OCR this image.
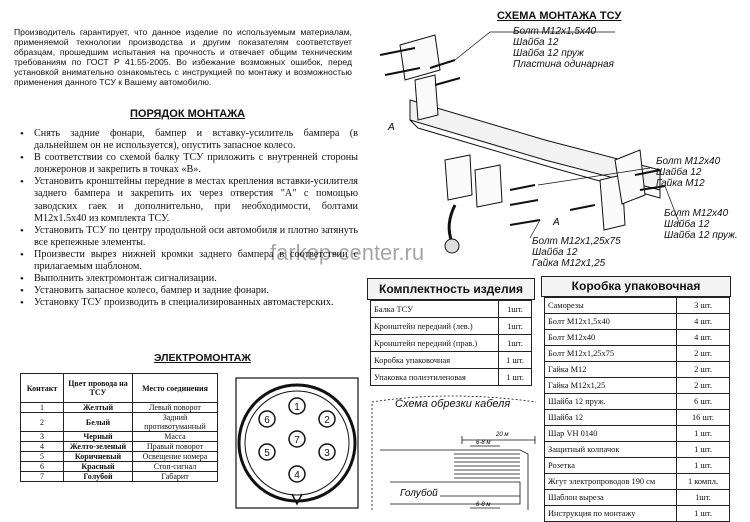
Производитель гарантирует, что данное изделие по используемым материалам, применяемой технологии производства и другим показателям соответствует образцам, прошедшим испытания на прочность и отвечает общим техническим требованиям по ГОСТ Р 41.55-2005. Во избежание возможных ошибок, перед установкой внимательно ознакомьтесь с инструкцией по монтажу и возможностью применения данного ТСУ к Вашему автомобилю.
ПОРЯДОК МОНТАЖА
• Снять задние фонари, бампер и вставку-усилитель бампера (в дальнейшем он не используется), опустить запасное колесо.
• В соответствии со схемой балку ТСУ приложить с внутренней стороны лонжеронов и закрепить в точках «В».
• Установить кронштейны передние в местах крепления вставки-усилителя заднего бампера и закрепить их через отверстия "А" с помощью заводских гаек и дополнительно, при необходимости, болтами М12х1.5х40 из комплекта ТСУ.
• Установить ТСУ по центру продольной оси автомобиля и плотно затянуть все крепежные элементы.
• Произвести вырез нижней кромки заднего бампера в соответствии с прилагаемым шаблоном.
• Выполнить электромонтаж сигнализации.
• Установить запасное колесо, бампер и задние фонари.
• Установку ТСУ производить в специализированных автомастерских.
ЭЛЕКТРОМОНТАЖ
Контакт	Цвет провода на ТСУ	Место соединения
1	Желтый	Левый поворот
2	Белый	Задний противотуманный
3	Черный	Масса
4	Желто-зеленый	Правый поворот
5	Коричневый	Освещение номера
6	Красный	Стоп-сигнал
7	Голубой	Габарит
6
1
2
7
5	3
4
СХЕМА МОНТАЖА ТСУ
А
А
Болт М12х1,5х40
Шайба 12
Шайба 12 пруж
Пластина одинарная
Болт М12х40
Шайба 12
Гайка М12
Болт М12х40
Шайба 12
Шайба 12 пруж.
Болт М12х1,25х75
Шайба 12
Гайка М12х1,25
farkop-center.ru
Комплектность изделия
Балка ТСУ	1шт.
Кронштейн передний (лев.)	1шт.
Кронштейн передний (прав.)	1шт.
Коробка упаковочная	1 шт.
Упаковка полиэтиленовая	1 шт.
Коробка упаковочная
Саморезы	3 шт.
Болт М12х1,5х40	4 шт.
Болт М12х40	4 шт.
Болт М12х1,25х75	2 шт.
Гайка М12	2 шт.
Гайка М12х1,25	2 шт.
Шайба 12 пруж.	6 шт.
Шайба 12	16 шт.
Шар VH 0140	1 шт.
Защитный колпачок	1 шт.
Розетка	1 шт.
Жгут электропроводов 190 см	1 компл.
Шаблон выреза	1шт.
Инструкция по монтажу	1 шт.
Схема обрезки кабеля
20 м
6-8 м
6-8 м
Голубой
